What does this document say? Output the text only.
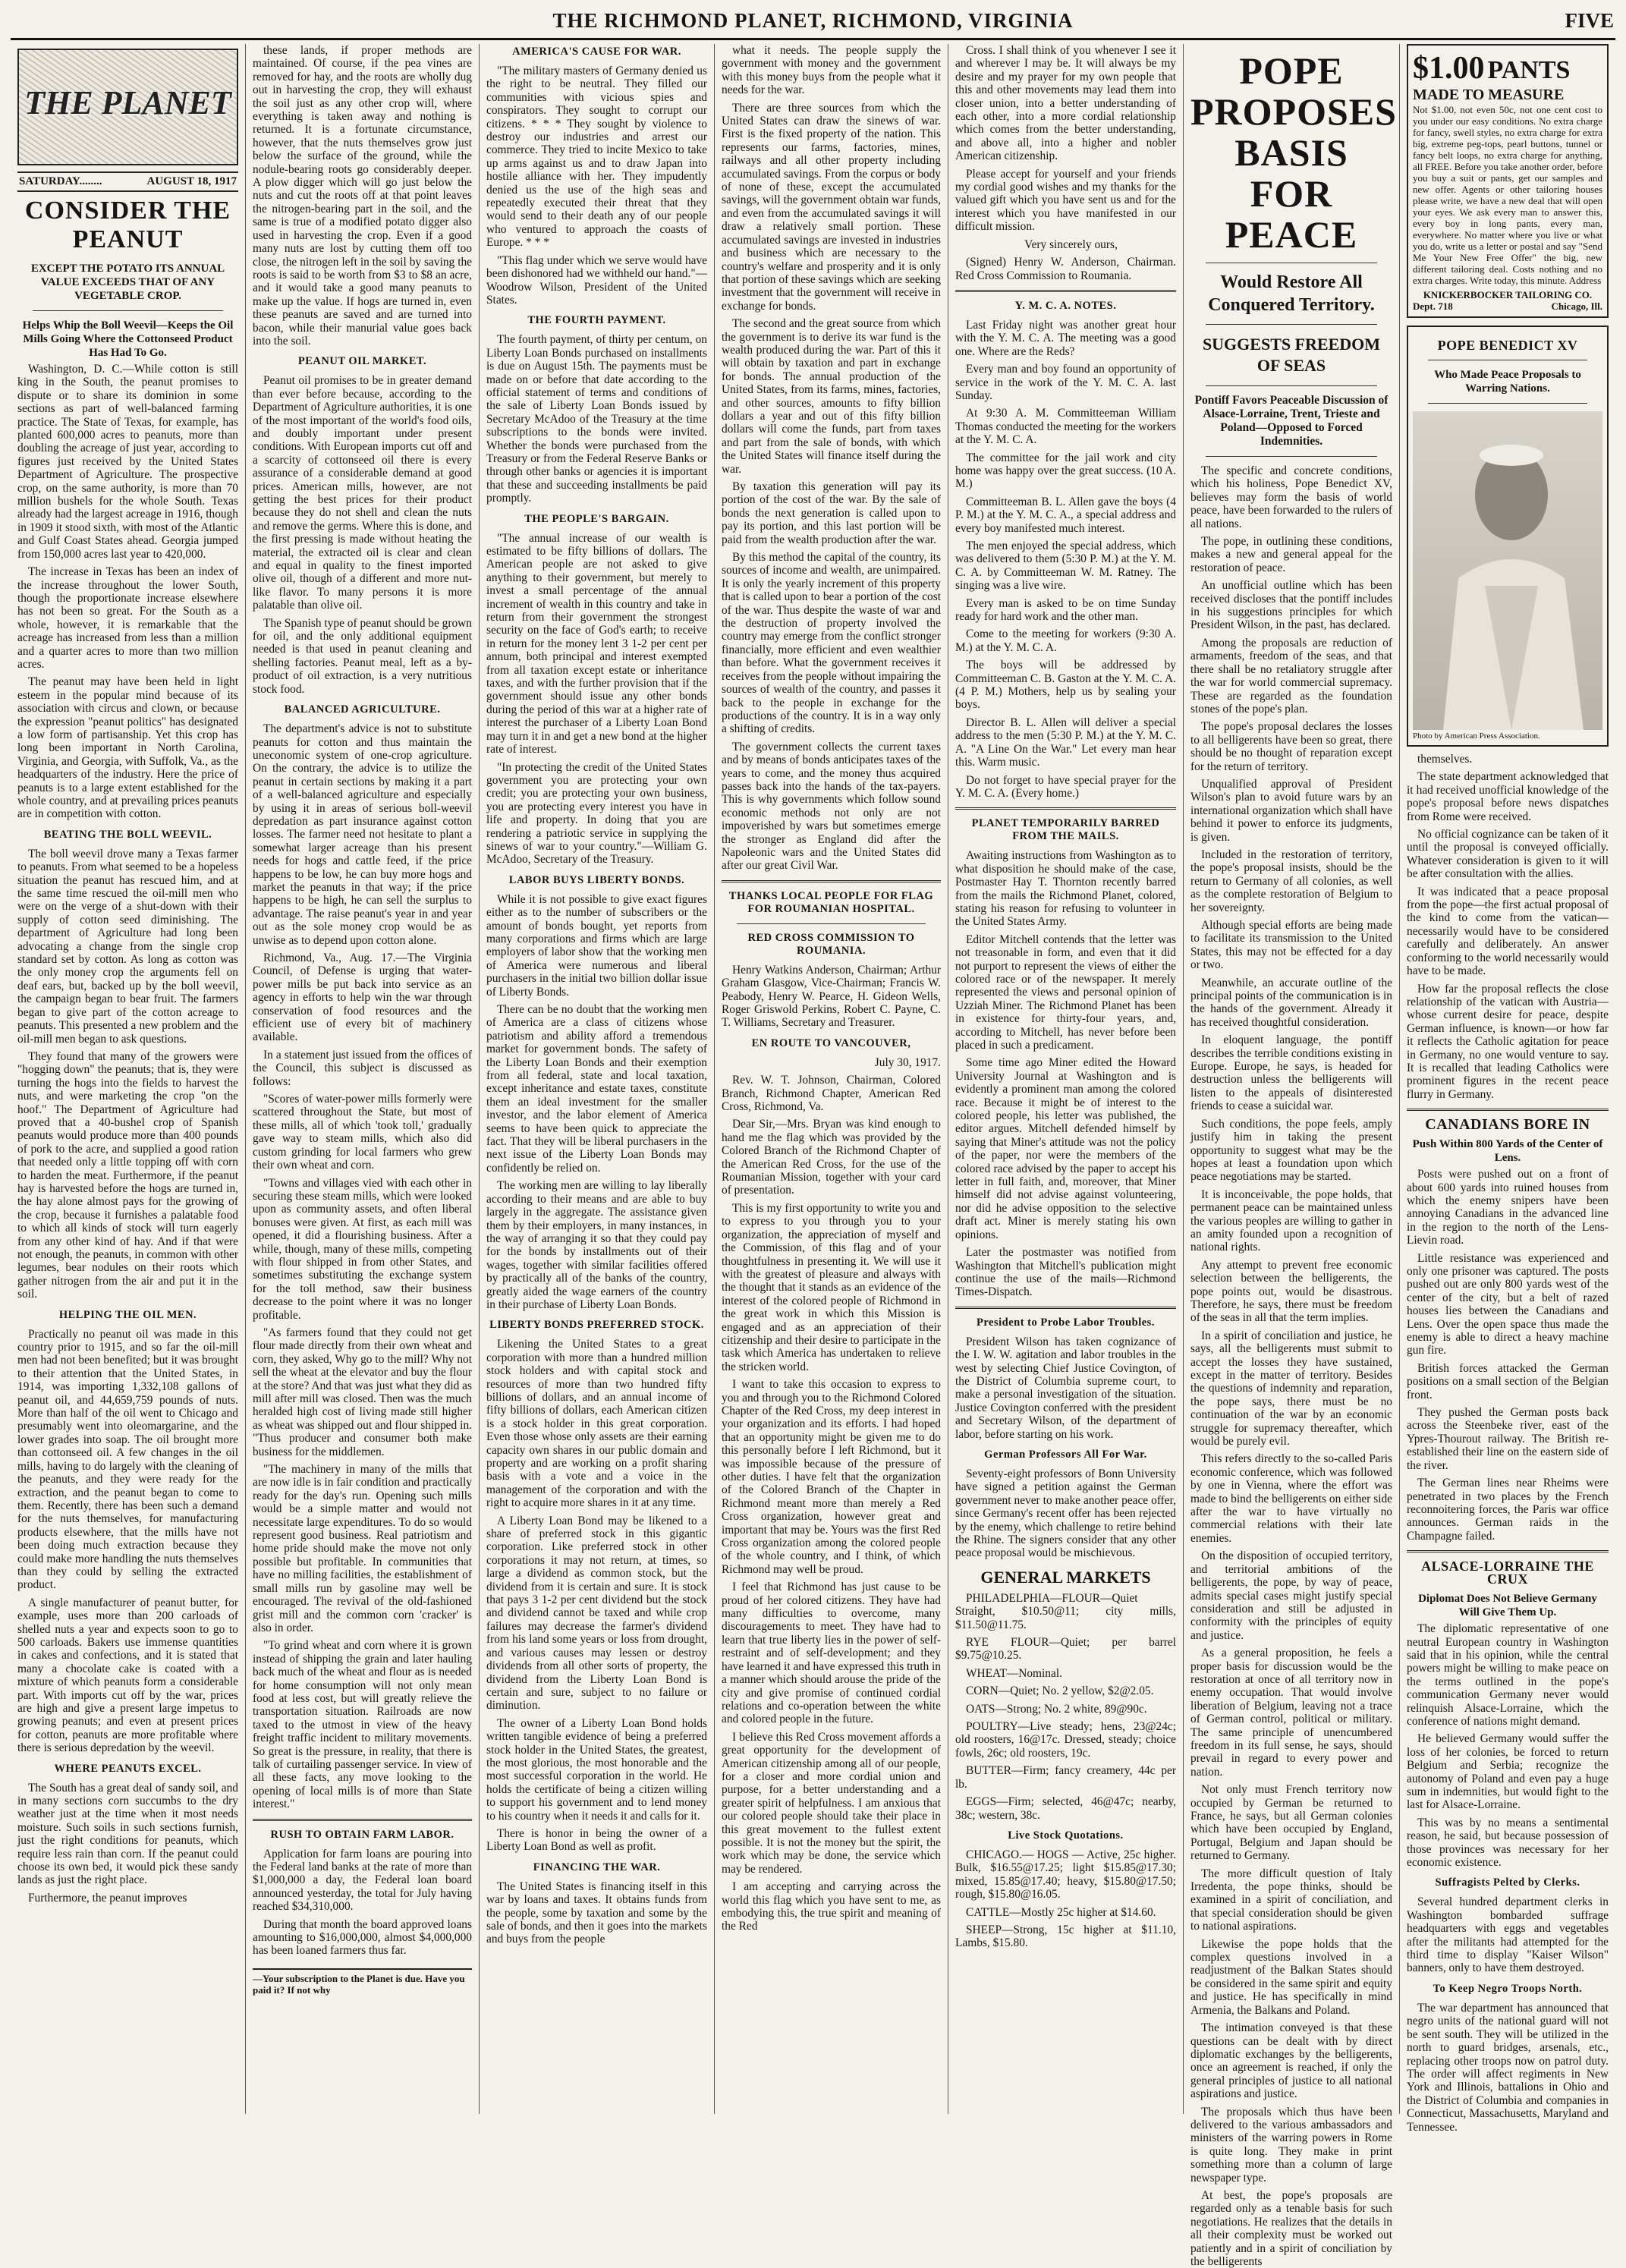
THE RICHMOND PLANET, RICHMOND, VIRGINIA	FIVE
THE PLANET
SATURDAY........	AUGUST 18, 1917
CONSIDER THE PEANUT
EXCEPT THE POTATO ITS ANNUAL VALUE EXCEEDS THAT OF ANY VEGETABLE CROP.
Helps Whip the Boll Weevil—Keeps the Oil Mills Going Where the Cottonseed Product Has Had To Go.

Washington, D. C.—While cotton is still king in the South, the peanut promises to dispute or to share its dominion in some sections as part of well-balanced farming practice. The State of Texas, for example, has planted 600,000 acres to peanuts, more than doubling the acreage of just year, according to figures just received by the United States Department of Agriculture. The prospective crop, on the same authority, is more than 70 million bushels for the whole South. Texas already had the largest acreage in 1916, though in 1909 it stood sixth, with most of the Atlantic and Gulf Coast States ahead. Georgia jumped from 150,000 acres last year to 420,000.

The increase in Texas has been an index of the increase throughout the lower South, though the proportionate increase elsewhere has not been so great. For the South as a whole, however, it is remarkable that the acreage has increased from less than a million and a quarter acres to more than two million acres.

The peanut may have been held in light esteem in the popular mind because of its association with circus and clown, or because the expression "peanut politics" has designated a low form of partisanship. Yet this crop has long been important in North Carolina, Virginia, and Georgia, with Suffolk, Va., as the headquarters of the industry. Here the price of peanuts is to a large extent established for the whole country, and at prevailing prices peanuts are in competition with cotton.

BEATING THE BOLL WEEVIL.

The boll weevil drove many a Texas farmer to peanuts. From what seemed to be a hopeless situation the peanut has rescued him, and at the same time rescued the oil-mill men who were on the verge of a shut-down with their supply of cotton seed diminishing. The department of Agriculture had long been advocating a change from the single crop standard set by cotton. As long as cotton was the only money crop the arguments fell on deaf ears, but, backed up by the boll weevil, the campaign began to bear fruit. The farmers began to give part of the cotton acreage to peanuts. This presented a new problem and the oil-mill men began to ask questions.

They found that many of the growers were "hogging down" the peanuts; that is, they were turning the hogs into the fields to harvest the nuts, and were marketing the crop "on the hoof." The Department of Agriculture had proved that a 40-bushel crop of Spanish peanuts would produce more than 400 pounds of pork to the acre, and supplied a good ration that needed only a little topping off with corn to harden the meat. Furthermore, if the peanut hay is harvested before the hogs are turned in, the hay alone almost pays for the growing of the crop, because it furnishes a palatable food to which all kinds of stock will turn eagerly from any other kind of hay. And if that were not enough, the peanuts, in common with other legumes, bear nodules on their roots which gather nitrogen from the air and put it in the soil.

HELPING THE OIL MEN.

Practically no peanut oil was made in this country prior to 1915, and so far the oil-mill men had not been benefited; but it was brought to their attention that the United States, in 1914, was importing 1,332,108 gallons of peanut oil, and 44,659,759 pounds of nuts. More than half of the oil went to Chicago and presumably went into oleomargarine, and the lower grades into soap. The oil brought more than cottonseed oil. A few changes in the oil mills, having to do largely with the cleaning of the peanuts, and they were ready for the extraction, and the peanut began to come to them. Recently, there has been such a demand for the nuts themselves, for manufacturing products elsewhere, that the mills have not been doing much extraction because they could make more handling the nuts themselves than they could by selling the extracted product.

A single manufacturer of peanut butter, for example, uses more than 200 carloads of shelled nuts a year and expects soon to go to 500 carloads. Bakers use immense quantities in cakes and confections, and it is stated that many a chocolate cake is coated with a mixture of which peanuts form a considerable part. With imports cut off by the war, prices are high and give a present large impetus to growing peanuts; and even at present prices for cotton, peanuts are more profitable where there is serious depredation by the weevil.

WHERE PEANUTS EXCEL.

The South has a great deal of sandy soil, and in many sections corn succumbs to the dry weather just at the time when it most needs moisture. Such soils in such sections furnish, just the right conditions for peanuts, which require less rain than corn. If the peanut could choose its own bed, it would pick these sandy lands as just the right place.

Furthermore, the peanut improves

these lands, if proper methods are maintained. Of course, if the pea vines are removed for hay, and the roots are wholly dug out in harvesting the crop, they will exhaust the soil just as any other crop will, where everything is taken away and nothing is returned. It is a fortunate circumstance, however, that the nuts themselves grow just below the surface of the ground, while the nodule-bearing roots go considerably deeper. A plow digger which will go just below the nuts and cut the roots off at that point leaves the nitrogen-bearing part in the soil, and the same is true of a modified potato digger also used in harvesting the crop. Even if a good many nuts are lost by cutting them off too close, the nitrogen left in the soil by saving the roots is said to be worth from $3 to $8 an acre, and it would take a good many peanuts to make up the value. If hogs are turned in, even these peanuts are saved and are turned into bacon, while their manurial value goes back into the soil.

PEANUT OIL MARKET.

Peanut oil promises to be in greater demand than ever before because, according to the Department of Agriculture authorities, it is one of the most important of the world's food oils, and doubly important under present conditions. With European imports cut off and a scarcity of cottonseed oil there is every assurance of a considerable demand at good prices. American mills, however, are not getting the best prices for their product because they do not shell and clean the nuts and remove the germs. Where this is done, and the first pressing is made without heating the material, the extracted oil is clear and clean and equal in quality to the finest imported olive oil, though of a different and more nut-like flavor. To many persons it is more palatable than olive oil.

The Spanish type of peanut should be grown for oil, and the only additional equipment needed is that used in peanut cleaning and shelling factories. Peanut meal, left as a by-product of oil extraction, is a very nutritious stock food.

BALANCED AGRICULTURE.

The department's advice is not to substitute peanuts for cotton and thus maintain the uneconomic system of one-crop agriculture. On the contrary, the advice is to utilize the peanut in certain sections by making it a part of a well-balanced agriculture and especially by using it in areas of serious boll-weevil depredation as part insurance against cotton losses. The farmer need not hesitate to plant a somewhat larger acreage than his present needs for hogs and cattle feed, if the price happens to be low, he can buy more hogs and market the peanuts in that way; if the price happens to be high, he can sell the surplus to advantage. The raise peanut's year in and year out as the sole money crop would be as unwise as to depend upon cotton alone.

Richmond, Va., Aug. 17.—The Virginia Council, of Defense is urging that water-power mills be put back into service as an agency in efforts to help win the war through conservation of food resources and the efficient use of every bit of machinery available.

In a statement just issued from the offices of the Council, this subject is discussed as follows:

"Scores of water-power mills formerly were scattered throughout the State, but most of these mills, all of which 'took toll,' gradually gave way to steam mills, which also did custom grinding for local farmers who grew their own wheat and corn.

"Towns and villages vied with each other in securing these steam mills, which were looked upon as community assets, and often liberal bonuses were given. At first, as each mill was opened, it did a flourishing business. After a while, though, many of these mills, competing with flour shipped in from other States, and sometimes substituting the exchange system for the toll method, saw their business decrease to the point where it was no longer profitable.

"As farmers found that they could not get flour made directly from their own wheat and corn, they asked, Why go to the mill? Why not sell the wheat at the elevator and buy the flour at the store? And that was just what they did as mill after mill was closed. Then was the much heralded high cost of living made still higher as wheat was shipped out and flour shipped in. "Thus producer and consumer both make business for the middlemen.

"The machinery in many of the mills that are now idle is in fair condition and practically ready for the day's run. Opening such mills would be a simple matter and would not necessitate large expenditures. To do so would represent good business. Real patriotism and home pride should make the move not only possible but profitable. In communities that have no milling facilities, the establishment of small mills run by gasoline may well be encouraged. The revival of the old-fashioned grist mill and the common corn 'cracker' is also in order.

"To grind wheat and corn where it is grown instead of shipping the grain and later hauling back much of the wheat and flour as is needed for home consumption will not only mean food at less cost, but will greatly relieve the transportation situation. Railroads are now taxed to the utmost in view of the heavy freight traffic incident to military movements. So great is the pressure, in reality, that there is talk of curtailing passenger service. In view of all these facts, any move looking to the opening of local mills is of more than State interest."

RUSH TO OBTAIN FARM LABOR.

Application for farm loans are pouring into the Federal land banks at the rate of more than $1,000,000 a day, the Federal loan board announced yesterday, the total for July having reached $34,310,000.

During that month the board approved loans amounting to $16,000,000, almost $4,000,000 has been loaned farmers thus far.

—Your subscription to the Planet is due. Have you paid it? If not why
AMERICA'S CAUSE FOR WAR.

"The military masters of Germany denied us the right to be neutral. They filled our communities with vicious spies and conspirators. They sought to corrupt our citizens. * * * They sought by violence to destroy our industries and arrest our commerce. They tried to incite Mexico to take up arms against us and to draw Japan into hostile alliance with her. They impudently denied us the use of the high seas and repeatedly executed their threat that they would send to their death any of our people who ventured to approach the coasts of Europe. * * *

"This flag under which we serve would have been dishonored had we withheld our hand."—Woodrow Wilson, President of the United States.

THE FOURTH PAYMENT.

The fourth payment, of thirty per centum, on Liberty Loan Bonds purchased on installments is due on August 15th. The payments must be made on or before that date according to the official statement of terms and conditions of the sale of Liberty Loan Bonds issued by Secretary McAdoo of the Treasury at the time subscriptions to the bonds were invited. Whether the bonds were purchased from the Treasury or from the Federal Reserve Banks or through other banks or agencies it is important that these and succeeding installments be paid promptly.

THE PEOPLE'S BARGAIN.

"The annual increase of our wealth is estimated to be fifty billions of dollars. The American people are not asked to give anything to their government, but merely to invest a small percentage of the annual increment of wealth in this country and take in return from their government the strongest security on the face of God's earth; to receive in return for the money lent 3 1-2 per cent per annum, both principal and interest exempted from all taxation except estate or inheritance taxes, and with the further provision that if the government should issue any other bonds during the period of this war at a higher rate of interest the purchaser of a Liberty Loan Bond may turn it in and get a new bond at the higher rate of interest.

"In protecting the credit of the United States government you are protecting your own credit; you are protecting your own business, you are protecting every interest you have in life and property. In doing that you are rendering a patriotic service in supplying the sinews of war to your country."—William G. McAdoo, Secretary of the Treasury.

LABOR BUYS LIBERTY BONDS.

While it is not possible to give exact figures either as to the number of subscribers or the amount of bonds bought, yet reports from many corporations and firms which are large employers of labor show that the working men of America were numerous and liberal purchasers in the initial two billion dollar issue of Liberty Bonds.

There can be no doubt that the working men of America are a class of citizens whose patriotism and ability afford a tremendous market for government bonds. The safety of the Liberty Loan Bonds and their exemption from all federal, state and local taxation, except inheritance and estate taxes, constitute them an ideal investment for the smaller investor, and the labor element of America seems to have been quick to appreciate the fact. That they will be liberal purchasers in the next issue of the Liberty Loan Bonds may confidently be relied on.

The working men are willing to lay liberally according to their means and are able to buy largely in the aggregate. The assistance given them by their employers, in many instances, in the way of arranging it so that they could pay for the bonds by installments out of their wages, together with similar facilities offered by practically all of the banks of the country, greatly aided the wage earners of the country in their purchase of Liberty Loan Bonds.

LIBERTY BONDS PREFERRED STOCK.

Likening the United States to a great corporation with more than a hundred million stock holders and with capital stock and resources of more than two hundred fifty billions of dollars, and an annual income of fifty billions of dollars, each American citizen is a stock holder in this great corporation. Even those whose only assets are their earning capacity own shares in our public domain and property and are working on a profit sharing basis with a vote and a voice in the management of the corporation and with the right to acquire more shares in it at any time.

A Liberty Loan Bond may be likened to a share of preferred stock in this gigantic corporation. Like preferred stock in other corporations it may not return, at times, so large a dividend as common stock, but the dividend from it is certain and sure. It is stock that pays 3 1-2 per cent dividend but the stock and dividend cannot be taxed and while crop failures may decrease the farmer's dividend from his land some years or loss from drought, and various causes may lessen or destroy dividends from all other sorts of property, the dividend from the Liberty Loan Bond is certain and sure, subject to no failure or diminution.

The owner of a Liberty Loan Bond holds written tangible evidence of being a preferred stock holder in the United States, the greatest, the most glorious, the most honorable and the most successful corporation in the world. He holds the certificate of being a citizen willing to support his government and to lend money to his country when it needs it and calls for it.

There is honor in being the owner of a Liberty Loan Bond as well as profit.

FINANCING THE WAR.

The United States is financing itself in this war by loans and taxes. It obtains funds from the people, some by taxation and some by the sale of bonds, and then it goes into the markets and buys from the people

what it needs. The people supply the government with money and the government with this money buys from the people what it needs for the war.

There are three sources from which the United States can draw the sinews of war. First is the fixed property of the nation. This represents our farms, factories, mines, railways and all other property including accumulated savings. From the corpus or body of none of these, except the accumulated savings, will the government obtain war funds, and even from the accumulated savings it will draw a relatively small portion. These accumulated savings are invested in industries and business which are necessary to the country's welfare and prosperity and it is only that portion of these savings which are seeking investment that the government will receive in exchange for bonds.

The second and the great source from which the government is to derive its war fund is the wealth produced during the war. Part of this it will obtain by taxation and part in exchange for bonds. The annual production of the United States, from its farms, mines, factories, and other sources, amounts to fifty billion dollars a year and out of this fifty billion dollars will come the funds, part from taxes and part from the sale of bonds, with which the United States will finance itself during the war.

By taxation this generation will pay its portion of the cost of the war. By the sale of bonds the next generation is called upon to pay its portion, and this last portion will be paid from the wealth production after the war.

By this method the capital of the country, its sources of income and wealth, are unimpaired. It is only the yearly increment of this property that is called upon to bear a portion of the cost of the war. Thus despite the waste of war and the destruction of property involved the country may emerge from the conflict stronger financially, more efficient and even wealthier than before. What the government receives it receives from the people without impairing the sources of wealth of the country, and passes it back to the people in exchange for the productions of the country. It is in a way only a shifting of credits.

The government collects the current taxes and by means of bonds anticipates taxes of the years to come, and the money thus acquired passes back into the hands of the tax-payers. This is why governments which follow sound economic methods not only are not impoverished by wars but sometimes emerge the stronger as England did after the Napoleonic wars and the United States did after our great Civil War.

THANKS LOCAL PEOPLE FOR FLAG FOR ROUMANIAN HOSPITAL.
RED CROSS COMMISSION TO ROUMANIA.

Henry Watkins Anderson, Chairman; Arthur Graham Glasgow, Vice-Chairman; Francis W. Peabody, Henry W. Pearce, H. Gideon Wells, Roger Griswold Perkins, Robert C. Payne, C. T. Williams, Secretary and Treasurer.

EN ROUTE TO VANCOUVER,

July 30, 1917.

Rev. W. T. Johnson, Chairman, Colored Branch, Richmond Chapter, American Red Cross, Richmond, Va.

Dear Sir,—Mrs. Bryan was kind enough to hand me the flag which was provided by the Colored Branch of the Richmond Chapter of the American Red Cross, for the use of the Roumanian Mission, together with your card of presentation.

This is my first opportunity to write you and to express to you through you to your organization, the appreciation of myself and the Commission, of this flag and of your thoughtfulness in presenting it. We will use it with the greatest of pleasure and always with the thought that it stands as an evidence of the interest of the colored people of Richmond in the great work in which this Mission is engaged and as an appreciation of their citizenship and their desire to participate in the task which America has undertaken to relieve the stricken world.

I want to take this occasion to express to you and through you to the Richmond Colored Chapter of the Red Cross, my deep interest in your organization and its efforts. I had hoped that an opportunity might be given me to do this personally before I left Richmond, but it was impossible because of the pressure of other duties. I have felt that the organization of the Colored Branch of the Chapter in Richmond meant more than merely a Red Cross organization, however great and important that may be. Yours was the first Red Cross organization among the colored people of the whole country, and I think, of which Richmond may well be proud.

I feel that Richmond has just cause to be proud of her colored citizens. They have had many difficulties to overcome, many discouragements to meet. They have had to learn that true liberty lies in the power of self-restraint and of self-development; and they have learned it and have expressed this truth in a manner which should arouse the pride of the city and give promise of continued cordial relations and co-operation between the white and colored people in the future.

I believe this Red Cross movement affords a great opportunity for the development of American citizenship among all of our people, for a closer and more cordial union and purpose, for a better understanding and a greater spirit of helpfulness. I am anxious that our colored people should take their place in this great movement to the fullest extent possible. It is not the money but the spirit, the work which may be done, the service which may be rendered.

I am accepting and carrying across the world this flag which you have sent to me, as embodying this, the true spirit and meaning of the Red

Cross. I shall think of you whenever I see it and wherever I may be. It will always be my desire and my prayer for my own people that this and other movements may lead them into closer union, into a better understanding of each other, into a more cordial relationship which comes from the better understanding, and above all, into a higher and nobler American citizenship.

Please accept for yourself and your friends my cordial good wishes and my thanks for the valued gift which you have sent us and for the interest which you have manifested in our difficult mission.

Very sincerely ours,

(Signed) Henry W. Anderson, Chairman. Red Cross Commission to Roumania.

Y. M. C. A. NOTES.

Last Friday night was another great hour with the Y. M. C. A. The meeting was a good one. Where are the Reds?

Every man and boy found an opportunity of service in the work of the Y. M. C. A. last Sunday.

At 9:30 A. M. Committeeman William Thomas conducted the meeting for the workers at the Y. M. C. A.

The committee for the jail work and city home was happy over the great success. (10 A. M.)

Committeeman B. L. Allen gave the boys (4 P. M.) at the Y. M. C. A., a special address and every boy manifested much interest.

The men enjoyed the special address, which was delivered to them (5:30 P. M.) at the Y. M. C. A. by Committeeman W. M. Ratney. The singing was a live wire.

Every man is asked to be on time Sunday ready for hard work and the other man.

Come to the meeting for workers (9:30 A. M.) at the Y. M. C. A.

The boys will be addressed by Committeeman C. B. Gaston at the Y. M. C. A. (4 P. M.) Mothers, help us by sealing your boys.

Director B. L. Allen will deliver a special address to the men (5:30 P. M.) at the Y. M. C. A. "A Line On the War." Let every man hear this. Warm music.

Do not forget to have special prayer for the Y. M. C. A. (Every home.)

PLANET TEMPORARILY BARRED FROM THE MAILS.

Awaiting instructions from Washington as to what disposition he should make of the case, Postmaster Hay T. Thornton recently barred from the mails the Richmond Planet, colored, stating his reason for refusing to volunteer in the United States Army.

Editor Mitchell contends that the letter was not treasonable in form, and even that it did not purport to represent the views of either the colored race or of the newspaper. It merely represented the views and personal opinion of Uzziah Miner. The Richmond Planet has been in existence for thirty-four years, and, according to Mitchell, has never before been placed in such a predicament.

Some time ago Miner edited the Howard University Journal at Washington and is evidently a prominent man among the colored race. Because it might be of interest to the colored people, his letter was published, the editor argues. Mitchell defended himself by saying that Miner's attitude was not the policy of the paper, nor were the members of the colored race advised by the paper to accept his letter in full faith, and, moreover, that Miner himself did not advise against volunteering, nor did he advise opposition to the selective draft act. Miner is merely stating his own opinions.

Later the postmaster was notified from Washington that Mitchell's publication might continue the use of the mails—Richmond Times-Dispatch.

President to Probe Labor Troubles.

President Wilson has taken cognizance of the I. W. W. agitation and labor troubles in the west by selecting Chief Justice Covington, of the District of Columbia supreme court, to make a personal investigation of the situation. Justice Covington conferred with the president and Secretary Wilson, of the department of labor, before starting on his work.

German Professors All For War.

Seventy-eight professors of Bonn University have signed a petition against the German government never to make another peace offer, since Germany's recent offer has been rejected by the enemy, which challenge to retire behind the Rhine. The signers consider that any other peace proposal would be mischievous.

GENERAL MARKETS

PHILADELPHIA—FLOUR—Quiet Straight, $10.50@11; city mills, $11.50@11.75.

RYE FLOUR—Quiet; per barrel $9.75@10.25.

WHEAT—Nominal.

CORN—Quiet; No. 2 yellow, $2@2.05.

OATS—Strong; No. 2 white, 89@90c.

POULTRY—Live steady; hens, 23@24c; old roosters, 16@17c. Dressed, steady; choice fowls, 26c; old roosters, 19c.

BUTTER—Firm; fancy creamery, 44c per lb.

EGGS—Firm; selected, 46@47c; nearby, 38c; western, 38c.

Live Stock Quotations.

CHICAGO.— HOGS — Active, 25c higher. Bulk, $16.55@17.25; light $15.85@17.30; mixed, 15.85@17.40; heavy, $15.80@17.50; rough, $15.80@16.05.

CATTLE—Mostly 25c higher at $14.60.

SHEEP—Strong, 15c higher at $11.10, Lambs, $15.80.

POPE PROPOSES BASIS FOR PEACE
Would Restore All Conquered Territory.
SUGGESTS FREEDOM OF SEAS
Pontiff Favors Peaceable Discussion of Alsace-Lorraine, Trent, Trieste and Poland—Opposed to Forced Indemnities.

The specific and concrete conditions, which his holiness, Pope Benedict XV, believes may form the basis of world peace, have been forwarded to the rulers of all nations.

The pope, in outlining these conditions, makes a new and general appeal for the restoration of peace.

An unofficial outline which has been received discloses that the pontiff includes in his suggestions principles for which President Wilson, in the past, has declared.

Among the proposals are reduction of armaments, freedom of the seas, and that there shall be no retaliatory struggle after the war for world commercial supremacy. These are regarded as the foundation stones of the pope's plan.

The pope's proposal declares the losses to all belligerents have been so great, there should be no thought of reparation except for the return of territory.

Unqualified approval of President Wilson's plan to avoid future wars by an international organization which shall have behind it power to enforce its judgments, is given.

Included in the restoration of territory, the pope's proposal insists, should be the return to Germany of all colonies, as well as the complete restoration of Belgium to her sovereignty.

Although special efforts are being made to facilitate its transmission to the United States, this may not be effected for a day or two.

Meanwhile, an accurate outline of the principal points of the communication is in the hands of the government. Already it has received thoughtful consideration.

In eloquent language, the pontiff describes the terrible conditions existing in Europe. Europe, he says, is headed for destruction unless the belligerents will listen to the appeals of disinterested friends to cease a suicidal war.

Such conditions, the pope feels, amply justify him in taking the present opportunity to suggest what may be the hopes at least a foundation upon which peace negotiations may be started.

It is inconceivable, the pope holds, that permanent peace can be maintained unless the various peoples are willing to gather in an amity founded upon a recognition of national rights.

Any attempt to prevent free economic selection between the belligerents, the pope points out, would be disastrous. Therefore, he says, there must be freedom of the seas in all that the term implies.

In a spirit of conciliation and justice, he says, all the belligerents must submit to accept the losses they have sustained, except in the matter of territory. Besides the questions of indemnity and reparation, the pope says, there must be no continuation of the war by an economic struggle for supremacy thereafter, which would be purely evil.

This refers directly to the so-called Paris economic conference, which was followed by one in Vienna, where the effort was made to bind the belligerents on either side after the war to have virtually no commercial relations with their late enemies.

On the disposition of occupied territory, and territorial ambitions of the belligerents, the pope, by way of peace, admits special cases might justify special consideration and still be adjusted in conformity with the principles of equity and justice.

As a general proposition, he feels a proper basis for discussion would be the restoration at once of all territory now in enemy occupation. That would involve liberation of Belgium, leaving not a trace of German control, political or military. The same principle of unencumbered freedom in its full sense, he says, should prevail in regard to every power and nation.

Not only must French territory now occupied by German be returned to France, he says, but all German colonies which have been occupied by England, Portugal, Belgium and Japan should be returned to Germany.

The more difficult question of Italy Irredenta, the pope thinks, should be examined in a spirit of conciliation, and that special consideration should be given to national aspirations.

Likewise the pope holds that the complex questions involved in a readjustment of the Balkan States should be considered in the same spirit and equity and justice. He has specifically in mind Armenia, the Balkans and Poland.

The intimation conveyed is that these questions can be dealt with by direct diplomatic exchanges by the belligerents, once an agreement is reached, if only the general principles of justice to all national aspirations and justice.

The proposals which thus have been delivered to the various ambassadors and ministers of the warring powers in Rome is quite long. They make in print something more than a column of large newspaper type.

At best, the pope's proposals are regarded only as a tenable basis for such negotiations. He realizes that the details in all their complexity must be worked out patiently and in a spirit of conciliation by the belligerents

$1.00 PANTS
MADE TO MEASURE
Not $1.00, not even 50c, not one cent cost to you under our easy conditions. No extra charge for fancy, swell styles, no extra charge for extra big, extreme peg-tops, pearl buttons, tunnel or fancy belt loops, no extra charge for anything, all FREE. Before you take another order, before you buy a suit or pants, get our samples and new offer. Agents or other tailoring houses please write, we have a new deal that will open your eyes. We ask every man to answer this, every boy in long pants, every man, everywhere. No matter where you live or what you do, write us a letter or postal and say "Send Me Your New Free Offer" the big, new different tailoring deal. Costs nothing and no extra charges. Write today, this minute. Address
KNICKERBOCKER TAILORING CO.
Dept. 718	Chicago, Ill.
POPE BENEDICT XV
Who Made Peace Proposals to Warring Nations.
Photo by American Press Association.

themselves.

The state department acknowledged that it had received unofficial knowledge of the pope's proposal before news dispatches from Rome were received.

No official cognizance can be taken of it until the proposal is conveyed officially. Whatever consideration is given to it will be after consultation with the allies.

It was indicated that a peace proposal from the pope—the first actual proposal of the kind to come from the vatican—necessarily would have to be considered carefully and deliberately. An answer conforming to the world necessarily would have to be made.

How far the proposal reflects the close relationship of the vatican with Austria—whose current desire for peace, despite German influence, is known—or how far it reflects the Catholic agitation for peace in Germany, no one would venture to say. It is recalled that leading Catholics were prominent figures in the recent peace flurry in Germany.

CANADIANS BORE IN
Push Within 800 Yards of the Center of Lens.

Posts were pushed out on a front of about 600 yards into ruined houses from which the enemy snipers have been annoying Canadians in the advanced line in the region to the north of the Lens-Lievin road.

Little resistance was experienced and only one prisoner was captured. The posts pushed out are only 800 yards west of the center of the city, but a belt of razed houses lies between the Canadians and Lens. Over the open space thus made the enemy is able to direct a heavy machine gun fire.

British forces attacked the German positions on a small section of the Belgian front.

They pushed the German posts back across the Steenbeke river, east of the Ypres-Thourout railway. The British re-established their line on the eastern side of the river.

The German lines near Rheims were penetrated in two places by the French reconnoitering forces, the Paris war office announces. German raids in the Champagne failed.

ALSACE-LORRAINE THE CRUX
Diplomat Does Not Believe Germany Will Give Them Up.

The diplomatic representative of one neutral European country in Washington said that in his opinion, while the central powers might be willing to make peace on the terms outlined in the pope's communication Germany never would relinquish Alsace-Lorraine, which the conference of nations might demand.

He believed Germany would suffer the loss of her colonies, be forced to return Belgium and Serbia; recognize the autonomy of Poland and even pay a huge sum in indemnities, but would fight to the last for Alsace-Lorraine.

This was by no means a sentimental reason, he said, but because possession of those provinces was necessary for her economic existence.

Suffragists Pelted by Clerks.

Several hundred department clerks in Washington bombarded suffrage headquarters with eggs and vegetables after the militants had attempted for the third time to display "Kaiser Wilson" banners, only to have them destroyed.

To Keep Negro Troops North.

The war department has announced that negro units of the national guard will not be sent south. They will be utilized in the north to guard bridges, arsenals, etc., replacing other troops now on patrol duty. The order will affect regiments in New York and Illinois, battalions in Ohio and the District of Columbia and companies in Connecticut, Massachusetts, Maryland and Tennessee.
